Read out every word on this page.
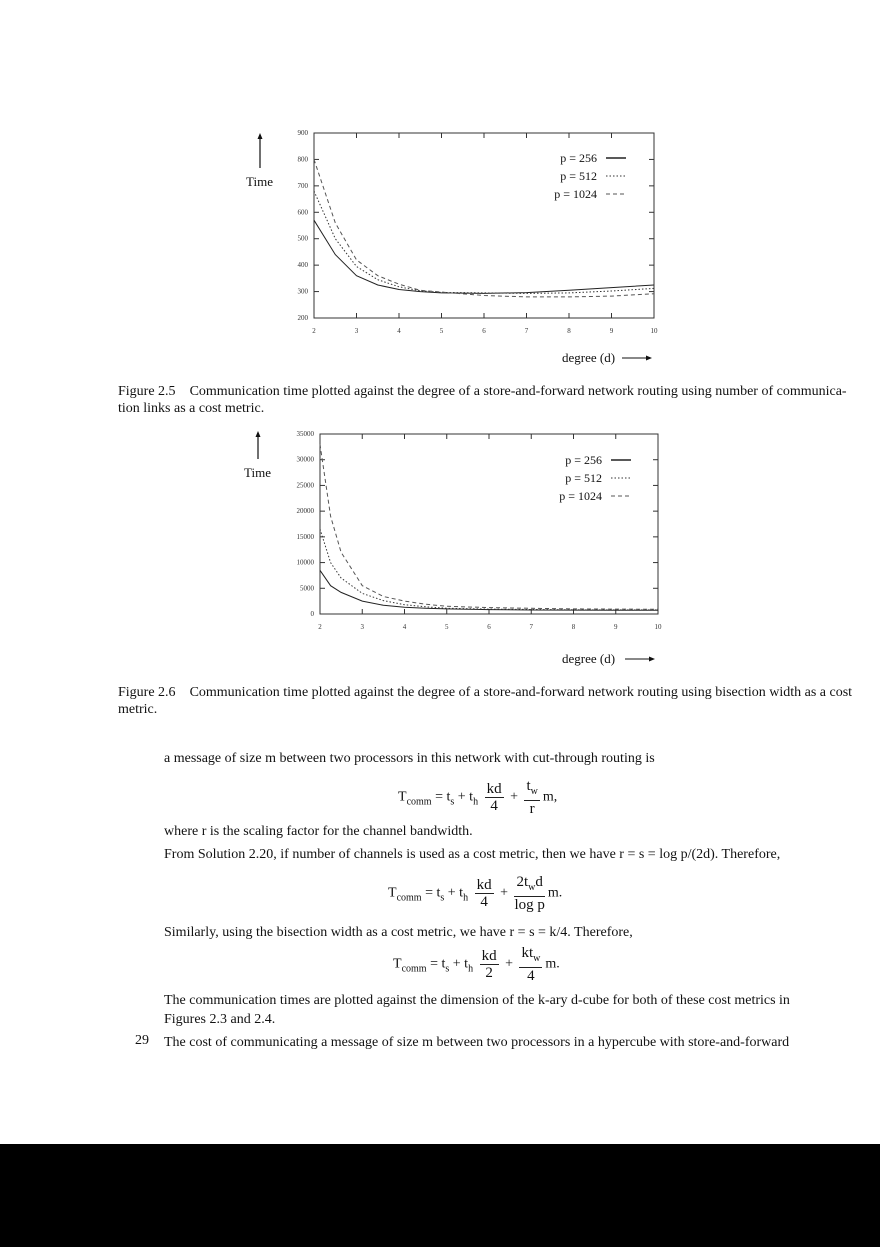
200
300
400
500
600
700
800
900
2	3	4	5	6	7	8	9	10
p = 256
p = 512
p = 1024
0
5000
10000
15000
20000
25000
30000
35000
2	3	4	5	6	7	8	9	10
p = 256
p = 512
p = 1024
Time
degree (d)
Figure 2.5 Communication time plotted against the degree of a store-and-forward network routing using number of communica-tion links as a cost metric.
Time
degree (d)
Figure 2.6 Communication time plotted against the degree of a store-and-forward network routing using bisection width as a cost metric.
a message of size m between two processors in this network with cut-through routing is
$T_{comm} = t_s + t_h \frac{kd}{4} + \frac{t_w}{r} m$,
where r is the scaling factor for the channel bandwidth.
From Solution 2.20, if number of channels is used as a cost metric, then we have r = s = log p/(2d). Therefore,
$T_{comm} = t_s + t_h \frac{kd}{4} + \frac{2t_wd}{\text{log p}} m$.
Similarly, using the bisection width as a cost metric, we have r = s = k/4. Therefore,
$T_{comm} = t_s + t_h \frac{kd}{2} + \frac{kt_w}{4} m$.
The communication times are plotted against the dimension of the k-ary d-cube for both of these cost metrics in Figures 2.3 and 2.4.
29 The cost of communicating a message of size m between two processors in a hypercube with store-and-forward
